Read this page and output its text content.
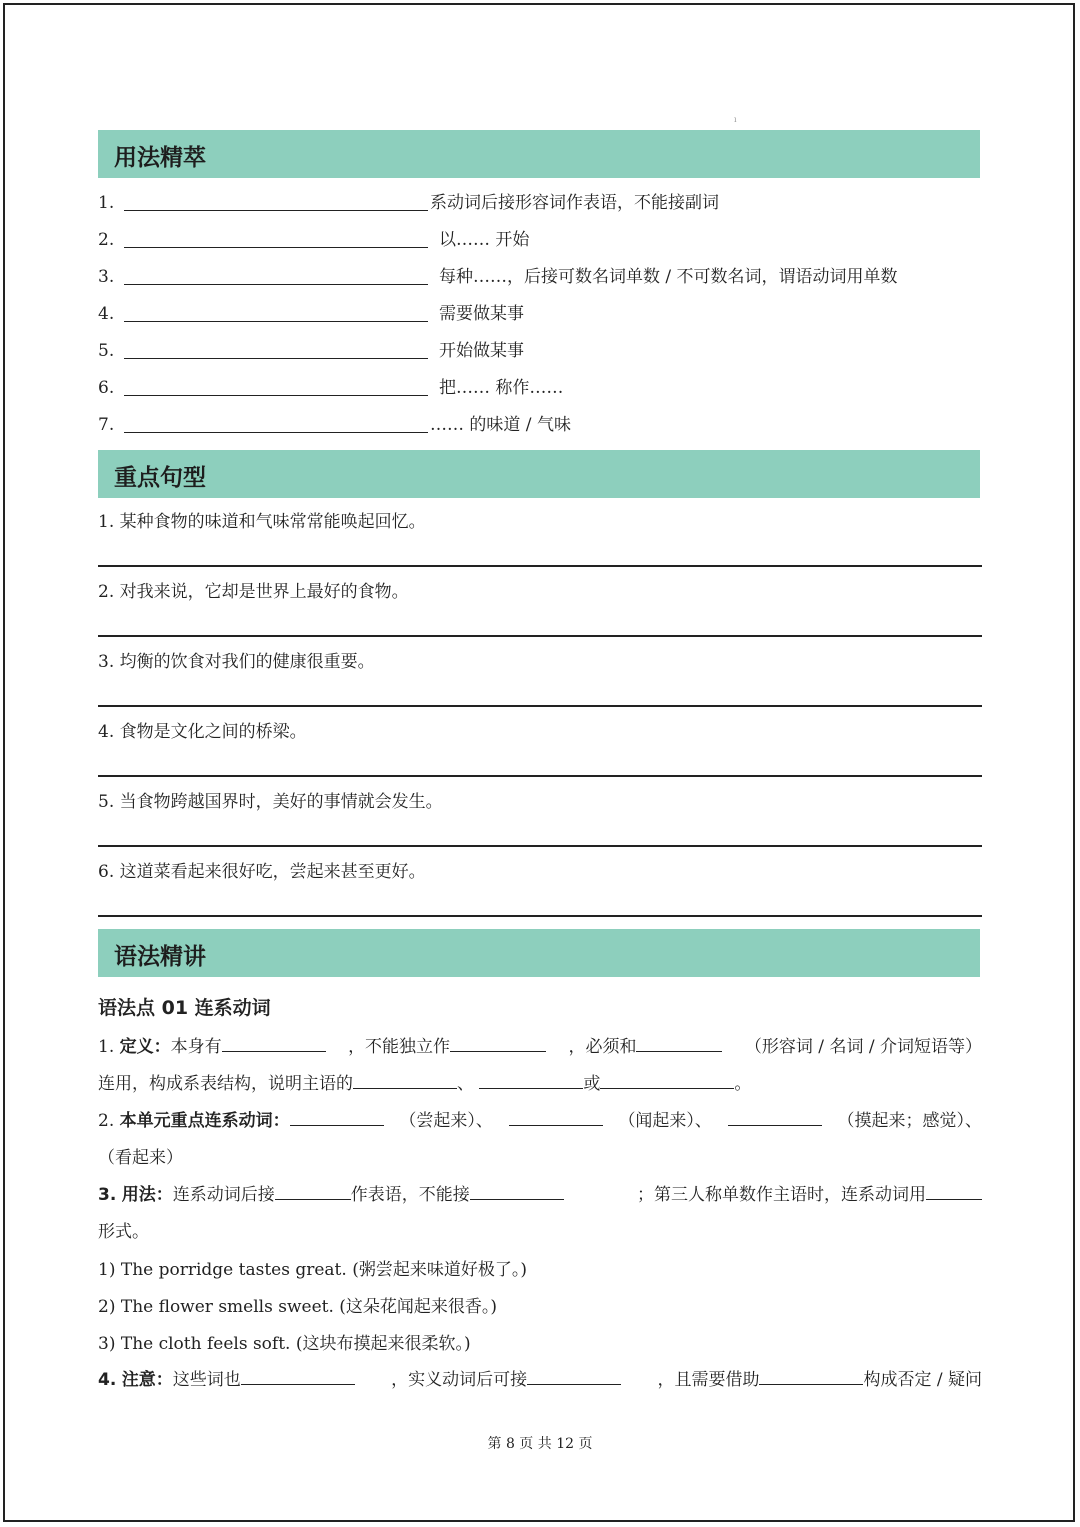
ı
用法精萃
1.	系动词后接形容词作表语，不能接副词
2.	以…… 开始
3.	每种……，后接可数名词单数 / 不可数名词，谓语动词用单数
4.	需要做某事
5.	开始做某事
6.	把…… 称作……
7.	…… 的味道 / 气味
重点句型
1. 某种食物的味道和气味常常能唤起回忆。
2. 对我来说，它却是世界上最好的食物。
3. 均衡的饮食对我们的健康很重要。
4. 食物是文化之间的桥梁。
5. 当食物跨越国界时，美好的事情就会发生。
6. 这道菜看起来很好吃，尝起来甚至更好。
语法精讲
语法点 01 连系动词
1. 定义：本身有	，不能独立作	，必须和	（形容词 / 名词 / 介词短语等）
连用，构成系表结构，说明主语的	、	或	。
2. 本单元重点连系动词：	（尝起来）、	（闻起来）、	（摸起来；感觉）、
（看起来）
3. 用法：连系动词后接	作表语，不能接	；第三人称单数作主语时，连系动词用
形式。
1) The porridge tastes great. (粥尝起来味道好极了。)
2) The flower smells sweet. (这朵花闻起来很香。)
3) The cloth feels soft. (这块布摸起来很柔软。)
4. 注意：这些词也	，实义动词后可接	，且需要借助	构成否定 / 疑问
第 8 页 共 12 页
